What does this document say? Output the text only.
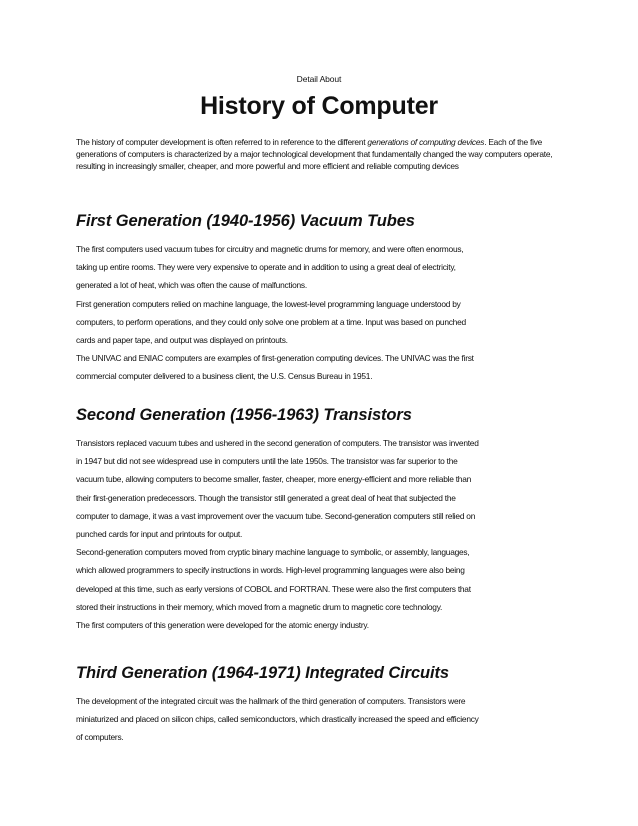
Detail About
History of Computer

The history of computer development is often referred to in reference to the different generations of computing devices. Each of the five generations of computers is characterized by a major technological development that fundamentally changed the way computers operate, resulting in increasingly smaller, cheaper, and more powerful and more efficient and reliable computing devices

First Generation (1940-1956) Vacuum Tubes
The first computers used vacuum tubes for circuitry and magnetic drums for memory, and were often enormous,
taking up entire rooms. They were very expensive to operate and in addition to using a great deal of electricity,
generated a lot of heat, which was often the cause of malfunctions.
First generation computers relied on machine language, the lowest-level programming language understood by
computers, to perform operations, and they could only solve one problem at a time. Input was based on punched
cards and paper tape, and output was displayed on printouts.
The UNIVAC and ENIAC computers are examples of first-generation computing devices. The UNIVAC was the first
commercial computer delivered to a business client, the U.S. Census Bureau in 1951.
Second Generation (1956-1963) Transistors
Transistors replaced vacuum tubes and ushered in the second generation of computers. The transistor was invented
in 1947 but did not see widespread use in computers until the late 1950s. The transistor was far superior to the
vacuum tube, allowing computers to become smaller, faster, cheaper, more energy-efficient and more reliable than
their first-generation predecessors. Though the transistor still generated a great deal of heat that subjected the
computer to damage, it was a vast improvement over the vacuum tube. Second-generation computers still relied on
punched cards for input and printouts for output.
Second-generation computers moved from cryptic binary machine language to symbolic, or assembly, languages,
which allowed programmers to specify instructions in words. High-level programming languages were also being
developed at this time, such as early versions of COBOL and FORTRAN. These were also the first computers that
stored their instructions in their memory, which moved from a magnetic drum to magnetic core technology.
The first computers of this generation were developed for the atomic energy industry.
Third Generation (1964-1971) Integrated Circuits
The development of the integrated circuit was the hallmark of the third generation of computers. Transistors were
miniaturized and placed on silicon chips, called semiconductors, which drastically increased the speed and efficiency
of computers.
